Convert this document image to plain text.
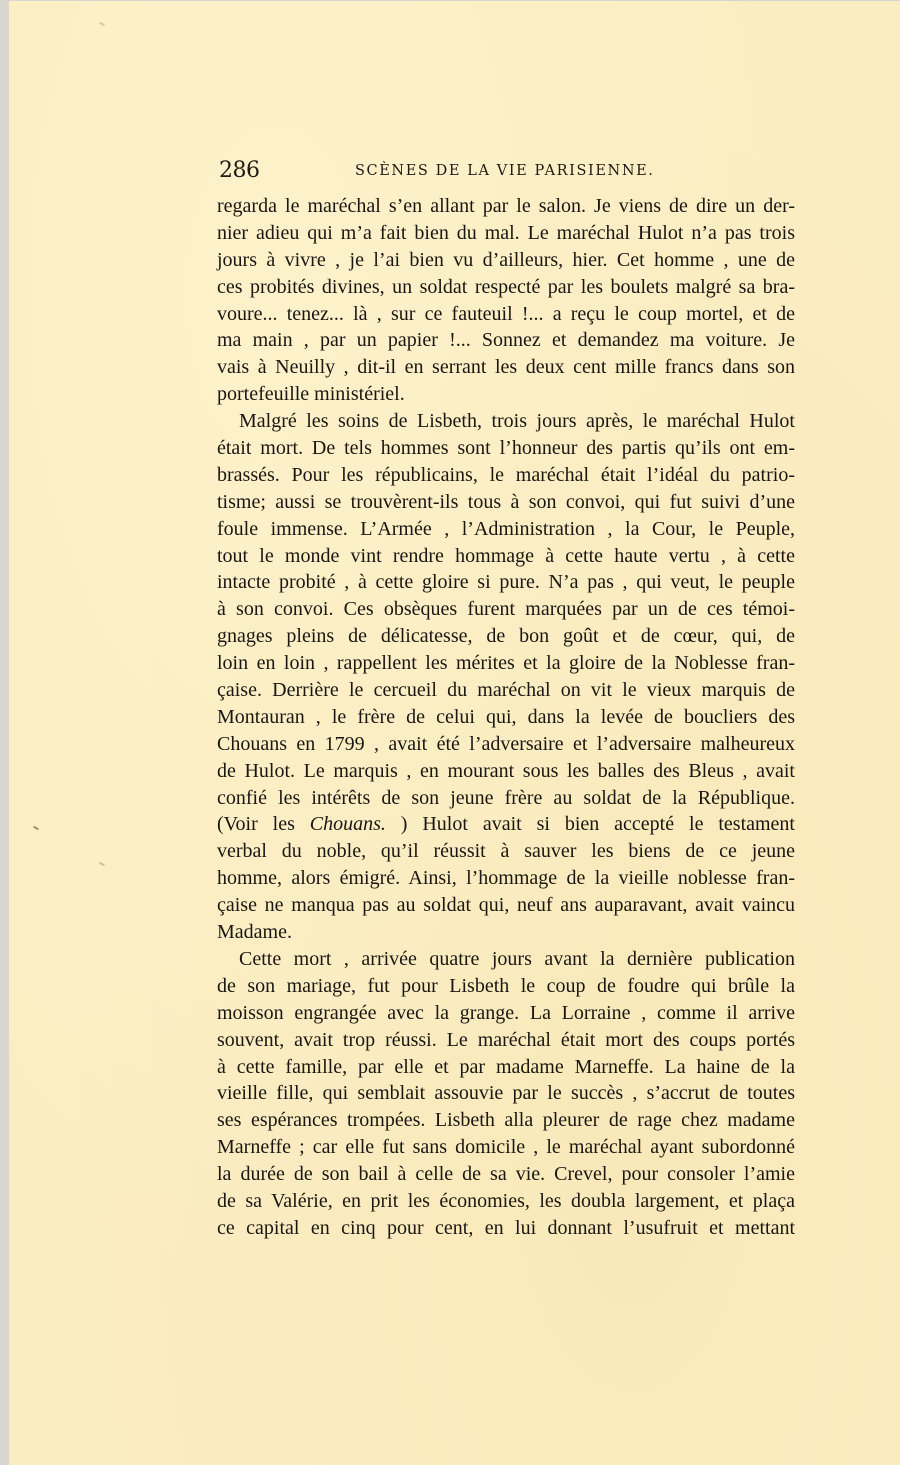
286	SCÈNES DE LA VIE PARISIENNE.
regarda le maréchal s’en allant par le salon. Je viens de dire un der-
nier adieu qui m’a fait bien du mal. Le maréchal Hulot n’a pas trois
jours à vivre , je l’ai bien vu d’ailleurs, hier. Cet homme , une de
ces probités divines, un soldat respecté par les boulets malgré sa bra-
voure... tenez... là , sur ce fauteuil !... a reçu le coup mortel, et de
ma main , par un papier !... Sonnez et demandez ma voiture. Je
vais à Neuilly , dit-il en serrant les deux cent mille francs dans son
portefeuille ministériel.
Malgré les soins de Lisbeth, trois jours après, le maréchal Hulot
était mort. De tels hommes sont l’honneur des partis qu’ils ont em-
brassés. Pour les républicains, le maréchal était l’idéal du patrio-
tisme; aussi se trouvèrent-ils tous à son convoi, qui fut suivi d’une
foule immense. L’Armée , l’Administration , la Cour, le Peuple,
tout le monde vint rendre hommage à cette haute vertu , à cette
intacte probité , à cette gloire si pure. N’a pas , qui veut, le peuple
à son convoi. Ces obsèques furent marquées par un de ces témoi-
gnages pleins de délicatesse, de bon goût et de cœur, qui, de
loin en loin , rappellent les mérites et la gloire de la Noblesse fran-
çaise. Derrière le cercueil du maréchal on vit le vieux marquis de
Montauran , le frère de celui qui, dans la levée de boucliers des
Chouans en 1799 , avait été l’adversaire et l’adversaire malheureux
de Hulot. Le marquis , en mourant sous les balles des Bleus , avait
confié les intérêts de son jeune frère au soldat de la République.
(Voir les Chouans. ) Hulot avait si bien accepté le testament
verbal du noble, qu’il réussit à sauver les biens de ce jeune
homme, alors émigré. Ainsi, l’hommage de la vieille noblesse fran-
çaise ne manqua pas au soldat qui, neuf ans auparavant, avait vaincu
Madame.
Cette mort , arrivée quatre jours avant la dernière publication
de son mariage, fut pour Lisbeth le coup de foudre qui brûle la
moisson engrangée avec la grange. La Lorraine , comme il arrive
souvent, avait trop réussi. Le maréchal était mort des coups portés
à cette famille, par elle et par madame Marneffe. La haine de la
vieille fille, qui semblait assouvie par le succès , s’accrut de toutes
ses espérances trompées. Lisbeth alla pleurer de rage chez madame
Marneffe ; car elle fut sans domicile , le maréchal ayant subordonné
la durée de son bail à celle de sa vie. Crevel, pour consoler l’amie
de sa Valérie, en prit les économies, les doubla largement, et plaça
ce capital en cinq pour cent, en lui donnant l’usufruit et mettant
